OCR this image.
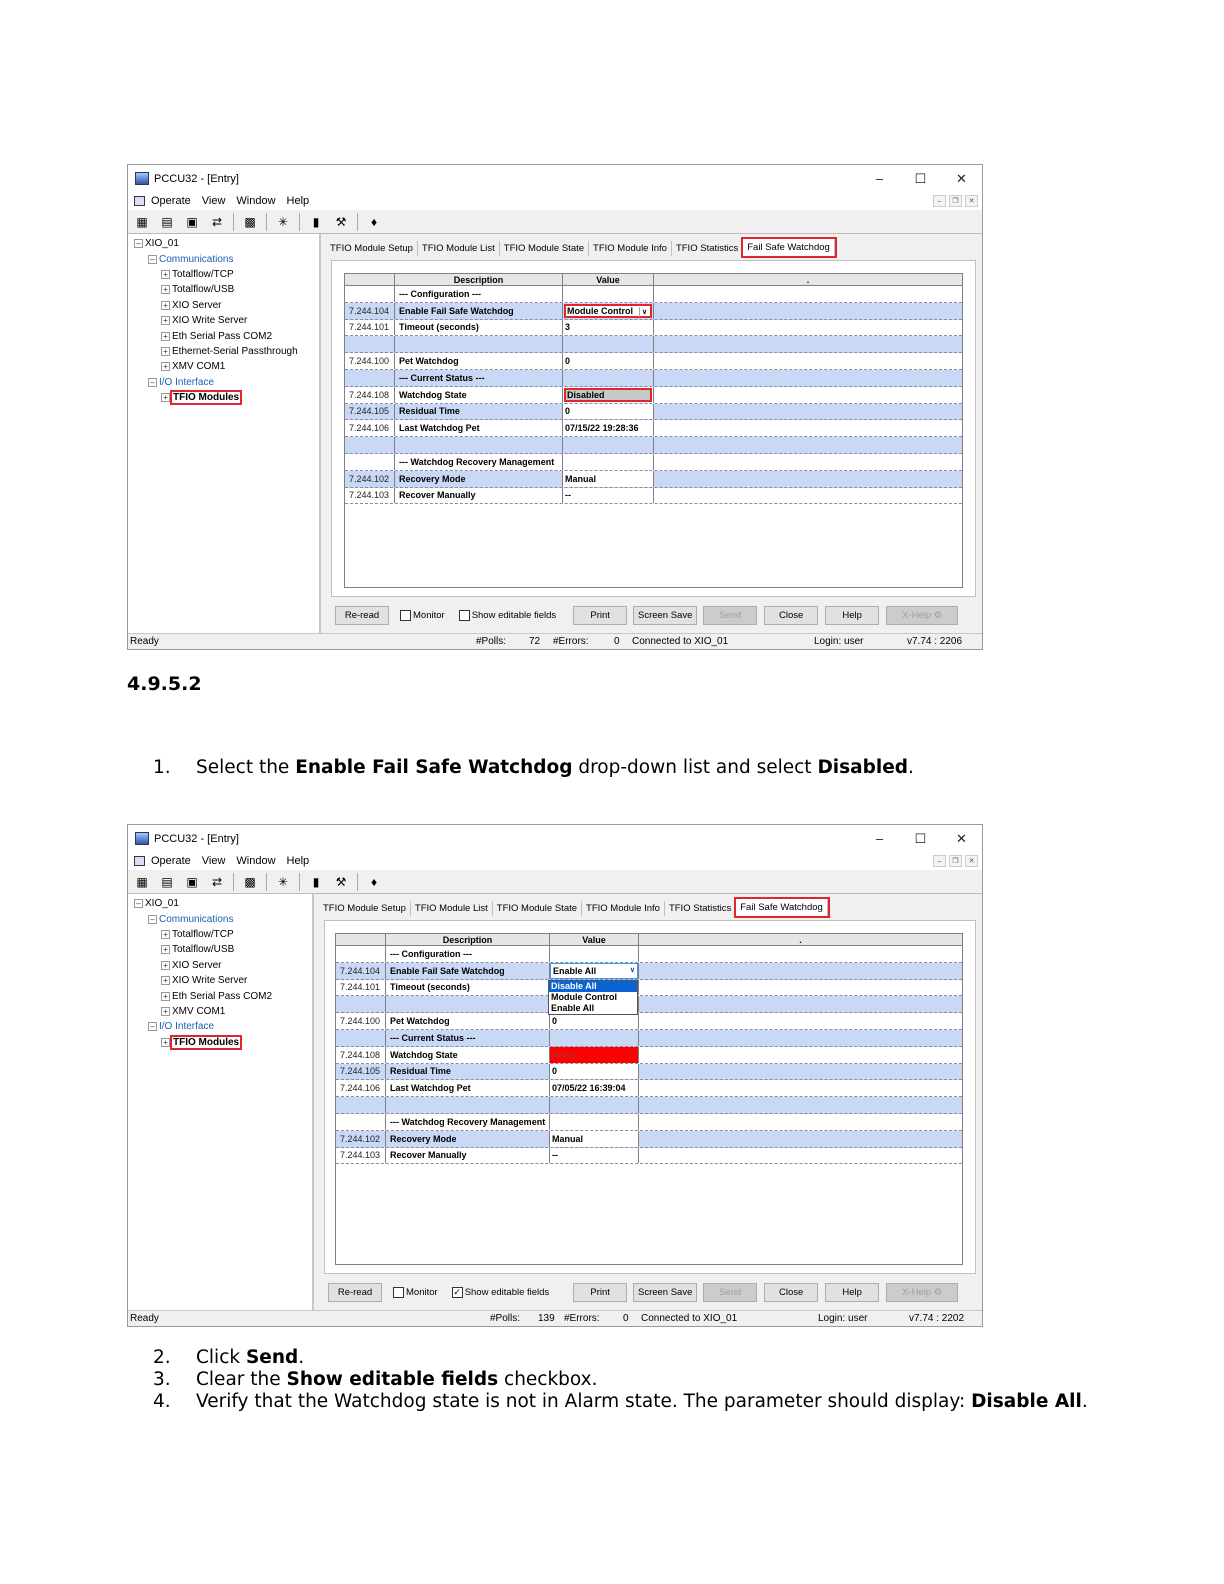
PCCU32 - [Entry]	–	☐	✕
Operate View Window Help	–	❐	✕
▦	▤	▣	⇄	▩	✳	▮	⚒	♦
– XIO_01
– Communications
+ Totalflow/TCP
+ Totalflow/USB
+ XIO Server
+ XIO Write Server
+ Eth Serial Pass COM2
+ Ethernet-Serial Passthrough
+ XMV COM1
– I/O Interface
+ TFIO Modules
TFIO Module Setup TFIO Module List TFIO Module State TFIO Module Info TFIO Statistics Fail Safe Watchdog
Description	Value	.
--- Configuration ---
7.244.104	Enable Fail Safe Watchdog	Module Control	∨
7.244.101	Timeout (seconds)	3
7.244.100	Pet Watchdog	0
--- Current Status ---
7.244.108	Watchdog State	Disabled
7.244.105	Residual Time	0
7.244.106	Last Watchdog Pet	07/15/22 19:28:36
--- Watchdog Recovery Management
7.244.102	Recovery Mode	Manual
7.244.103	Recover Manually	--
Re-read	Monitor	Show editable fields	Print	Screen Save	Send	Close	Help	X-Help
⚙
Ready	#Polls: 72 #Errors:	0 Connected to XIO_01	Login: user	v7.74 : 2206
4.9.5.2
1. Select the Enable Fail Safe Watchdog drop-down list and select Disabled.
PCCU32 - [Entry]	–	☐	✕
Operate View Window Help	–	❐	✕
▦	▤	▣	⇄	▩	✳	▮	⚒	♦
– XIO_01
– Communications
+ Totalflow/TCP
+ Totalflow/USB
+ XIO Server
+ XIO Write Server
+ Eth Serial Pass COM2
+ XMV COM1
– I/O Interface
+ TFIO Modules
TFIO Module Setup TFIO Module List TFIO Module State TFIO Module Info TFIO Statistics Fail Safe Watchdog
Description	Value	.
--- Configuration ---
7.244.104	Enable Fail Safe Watchdog	Enable All	∨
7.244.101	Timeout (seconds)
7.244.100	Pet Watchdog	0
--- Current Status ---
7.244.108	Watchdog State	Alarm
7.244.105	Residual Time	0
7.244.106	Last Watchdog Pet	07/05/22 16:39:04
--- Watchdog Recovery Management
7.244.102	Recovery Mode	Manual
7.244.103	Recover Manually	--
Disable All
Module Control
Enable All
Re-read	Monitor ✓ Show editable fields	Print	Screen Save	Send	Close	Help	X-Help
⚙
Ready	#Polls: 139 #Errors: 0 Connected to XIO_01	Login: user	v7.74 : 2202
2. Click Send.
3. Clear the Show editable fields checkbox.
4. Verify that the Watchdog state is not in Alarm state. The parameter should display: Disable All.
